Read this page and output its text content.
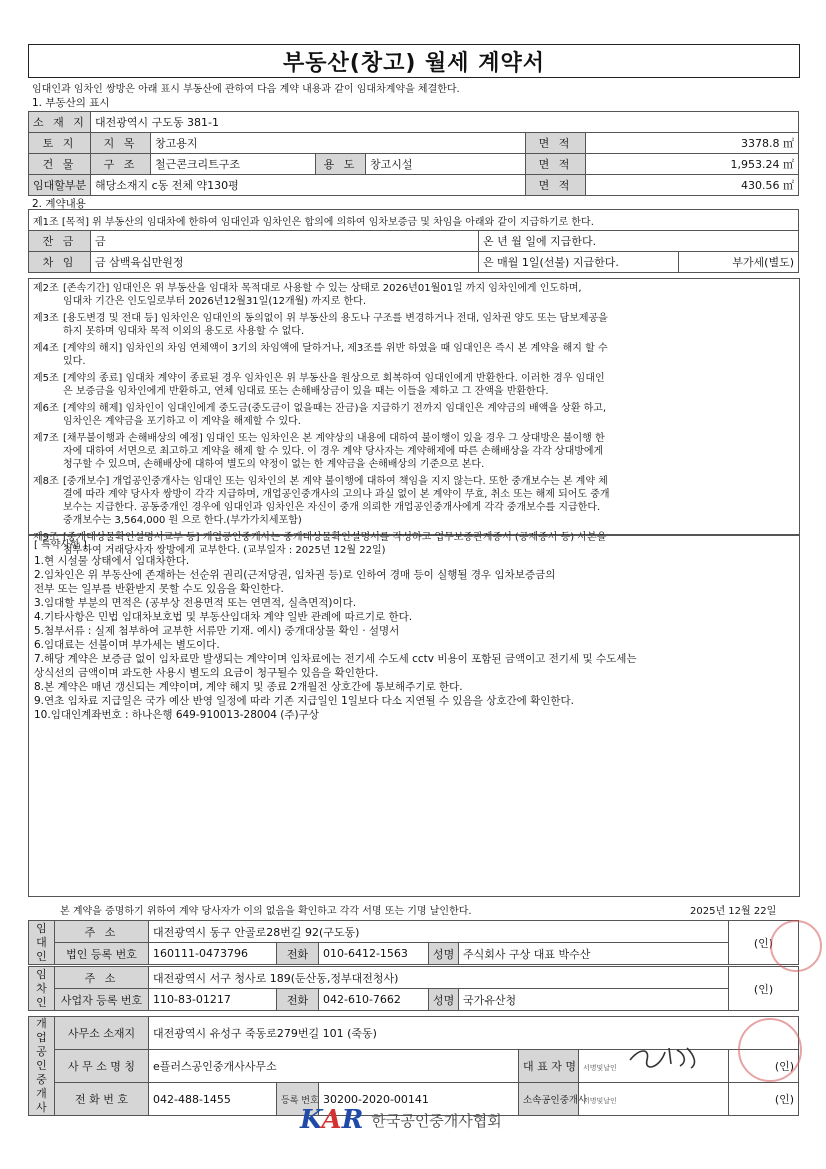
부동산(창고) 월세 계약서
임대인과 임차인 쌍방은 아래 표시 부동산에 관하여 다음 계약 내용과 같이 임대차계약을 체결한다.
1. 부동산의 표시
소 재 지	대전광역시 구도동 381-1					
토 지	지 목	창고용지			면 적	3378.8 ㎡
건 물	구 조	철근콘크리트구조	용 도	창고시설	면 적	1,953.24 ㎡
임대할부분	해당소재지 c동 전체 약130평				면 적	430.56 ㎡
2. 계약내용
제1조 [목적] 위 부동산의 임대차에 한하여 임대인과 임차인은 합의에 의하여 임차보증금 및 차임을 아래와 같이 지급하기로 한다.			
잔 금	금	온 년 월 일에 지급한다.	
차 임	금 삼백육십만원정	은 매월 1일(선불) 지급한다.	부가세(별도)
제2조 [존속기간] 임대인은 위 부동산을 임대차 목적대로 사용할 수 있는 상태로 2026년01월01일 까지 임차인에게 인도하며,
임대차 기간은 인도일로부터 2026년12월31일(12개월) 까지로 한다.
제3조 [용도변경 및 전대 등] 임차인은 임대인의 동의없이 위 부동산의 용도나 구조를 변경하거나 전대, 임차권 양도 또는 담보제공을
하지 못하며 임대차 목적 이외의 용도로 사용할 수 없다.
제4조 [계약의 해지] 임차인의 차임 연체액이 3기의 차임액에 달하거나, 제3조를 위반 하였을 때 임대인은 즉시 본 계약을 해지 할 수
있다.
제5조 [계약의 종료] 임대차 계약이 종료된 경우 임차인은 위 부동산을 원상으로 회복하여 임대인에게 반환한다. 이러한 경우 임대인
은 보증금을 임차인에게 반환하고, 연체 임대료 또는 손해배상금이 있을 때는 이들을 제하고 그 잔액을 반환한다.
제6조 [계약의 해제] 임차인이 임대인에게 중도금(중도금이 없을때는 잔금)을 지급하기 전까지 임대인은 계약금의 배액을 상환 하고,
임차인은 계약금을 포기하고 이 계약을 해제할 수 있다.
제7조 [채무불이행과 손해배상의 예정] 임대인 또는 임차인은 본 계약상의 내용에 대하여 불이행이 있을 경우 그 상대방은 불이행 한
자에 대하여 서면으로 최고하고 계약을 해제 할 수 있다. 이 경우 계약 당사자는 계약해제에 따른 손해배상을 각각 상대방에게
청구할 수 있으며, 손해배상에 대하여 별도의 약정이 없는 한 계약금을 손해배상의 기준으로 본다.
제8조 [중개보수] 개업공인중개사는 임대인 또는 임차인의 본 계약 불이행에 대하여 책임을 지지 않는다. 또한 중개보수는 본 계약 체
결에 따라 계약 당사자 쌍방이 각각 지급하며, 개업공인중개사의 고의나 과실 없이 본 계약이 무효, 취소 또는 해제 되어도 중개
보수는 지급한다. 공동중개인 경우에 임대인과 임차인은 자신이 중개 의뢰한 개업공인중개사에게 각각 중개보수를 지급한다.
중개보수는 3,564,000 원 으로 한다.(부가가치세포함)
제9조 [중개대상물확인설명서교부 등] 개업공인중개사는 중개대상물확인설명서를 작성하고 업무보증관계증서 (공제증서 등) 사본을
첨부하여 거래당사자 쌍방에게 교부한다. (교부일자 : 2025년 12월 22일)
[ 특약사항 ]
1.현 시설물 상태에서 임대차한다.
2.임차인은 위 부동산에 존재하는 선순위 권리(근저당권, 임차권 등)로 인하여 경매 등이 실행될 경우 임차보증금의
전부 또는 일부를 반환받지 못할 수도 있음을 확인한다.
3.임대할 부분의 면적은 (공부상 전용면적 또는 연면적, 실측면적)이다.
4.기타사항은 민법 임대차보호법 및 부동산임대차 계약 일반 관례에 따르기로 한다.
5.첨부서류 : 실제 첨부하여 교부한 서류만 기재. 예시) 중개대상물 확인 · 설명서
6.임대료는 선불이며 부가세는 별도이다.
7.해당 계약은 보증금 없이 임차료만 발생되는 계약이며 임차료에는 전기세 수도세 cctv 비용이 포함된 금액이고 전기세 및 수도세는
상식선의 금액이며 과도한 사용시 별도의 요금이 청구될수 있음을 확인한다.
8.본 계약은 매년 갱신되는 계약이며, 계약 해지 및 종료 2개월전 상호간에 통보해주기로 한다.
9.연초 임차료 지급일은 국가 예산 반영 일정에 따라 기존 지급일인 1일보다 다소 지연될 수 있음을 상호간에 확인한다.
10.임대인계좌번호 : 하나은행 649-910013-28004 (주)구상
본 계약을 증명하기 위하여 계약 당사자가 이의 없음을 확인하고 각각 서명 또는 기명 날인한다.	2025년 12월 22일
임대인	주 소	대전광역시 동구 안골로28번길 92(구도동)					(인)
	법인 등록 번호	160111-0473796	전화	010-6412-1563	성명	주식회사 구상 대표 박수산	
임차인	주 소	대전광역시 서구 청사로 189(둔산동,정부대전청사)					(인)
	사업자 등록 번호	110-83-01217	전화	042-610-7662	성명	국가유산청	
개업공인중개사	사무소 소재지	대전광역시 유성구 죽동로279번길 101 (죽동)					
	사 무 소 명 칭	e플러스공인중개사사무소			대 표 자 명	서명및날인	(인)
	전 화 번 호	042-488-1455	등록 번호	30200-2020-00141	소속공인중개사	서명및날인	(인)
KAR 한국공인중개사협회
